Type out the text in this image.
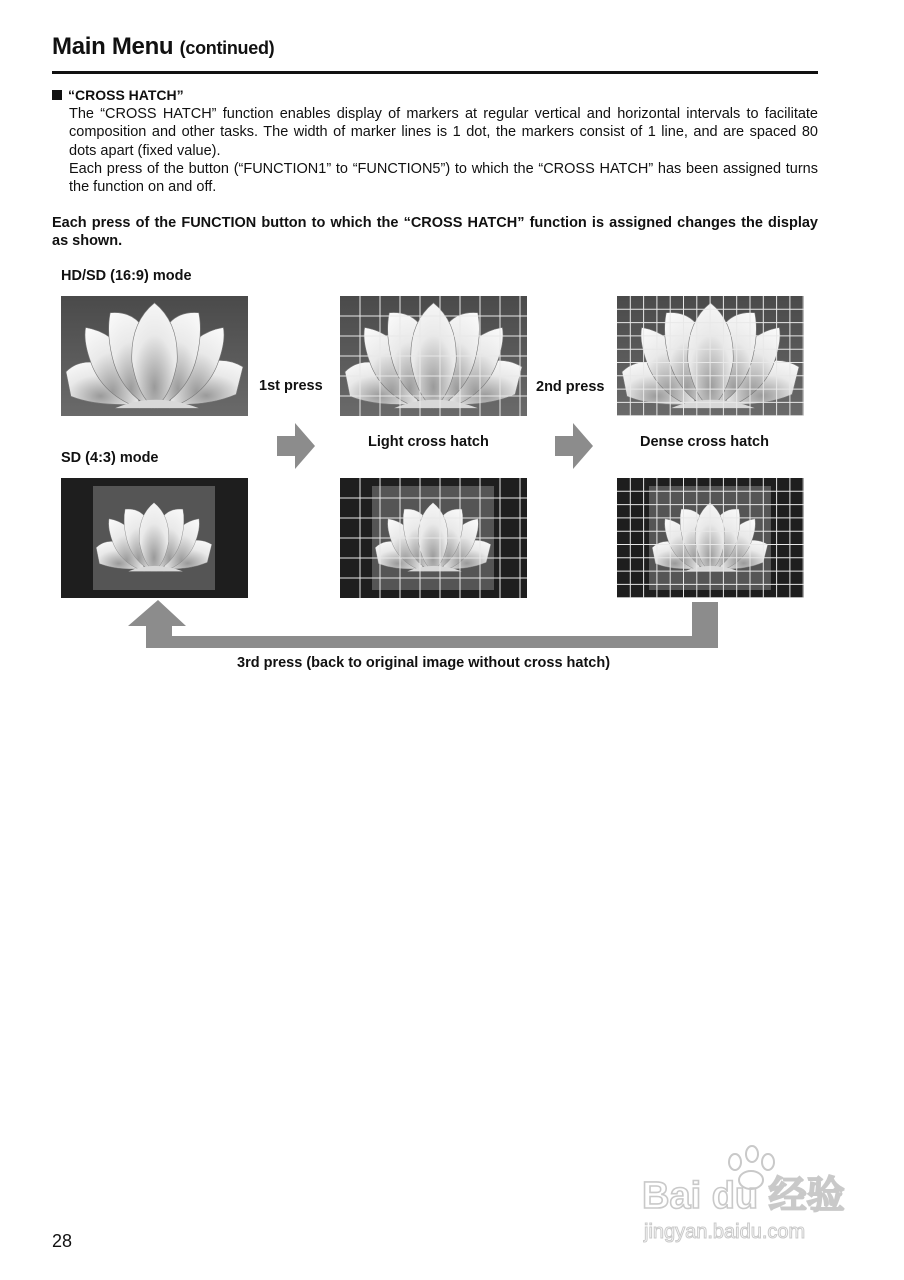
Main Menu (continued)
“CROSS HATCH”

The “CROSS HATCH” function enables display of markers at regular vertical and horizontal intervals to facilitate composition and other tasks. The width of marker lines is 1 dot, the markers consist of 1 line, and are spaced 80 dots apart (fixed value).

Each press of the button (“FUNCTION1” to “FUNCTION5”) to which the “CROSS HATCH” has been assigned turns the function on and off.

Each press of the FUNCTION button to which the “CROSS HATCH” function is assigned changes the display as shown.
HD/SD (16:9) mode
SD (4:3) mode
1st press	2nd press
Light cross hatch	Dense cross hatch
3rd press (back to original image without cross hatch)
Bai du 经验
jingyan.baidu.com
28
